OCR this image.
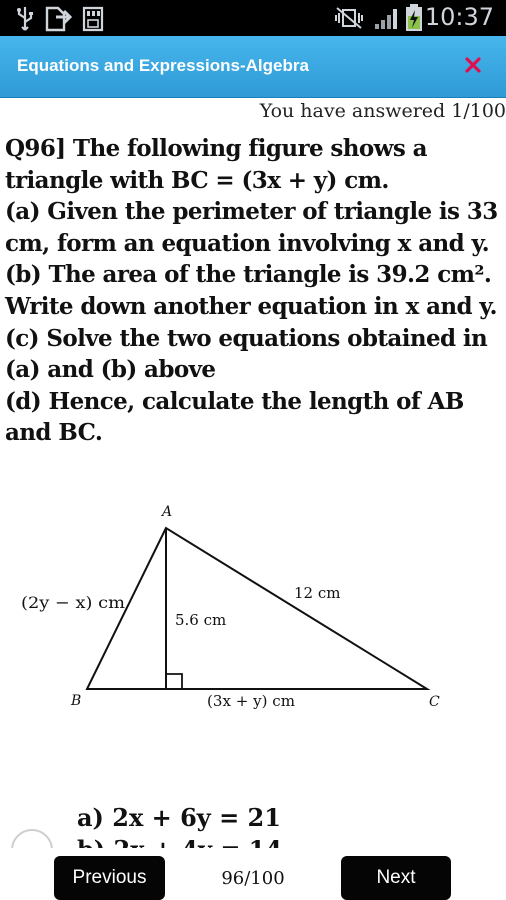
10:37
Equations and Expressions-Algebra
You have answered 1/100
Q96] The following figure shows a
triangle with BC = (3x + y) cm.
(a) Given the perimeter of triangle is 33
cm, form an equation involving x and y.
(b) The area of the triangle is 39.2 cm².
Write down another equation in x and y.
(c) Solve the two equations obtained in
(a) and (b) above
(d) Hence, calculate the length of AB
and BC.
A
B	C
(2y − x) cm	12 cm
5.6 cm
(3x + y) cm
a) 2x + 6y = 21
Previous	96/100	Next
